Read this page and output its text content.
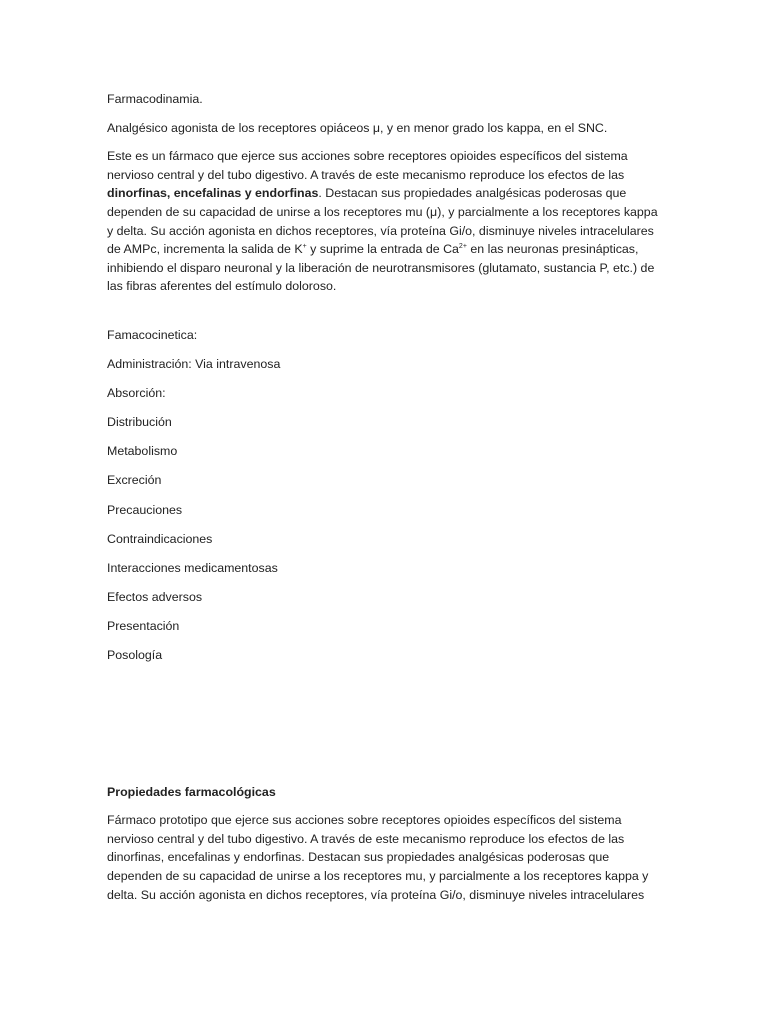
Farmacodinamia.

Analgésico agonista de los receptores opiáceos μ, y en menor grado los kappa, en el SNC.

Este es un fármaco que ejerce sus acciones sobre receptores opioides específicos del sistema nervioso central y del tubo digestivo. A través de este mecanismo reproduce los efectos de las dinorfinas, encefalinas y endorfinas. Destacan sus propiedades analgésicas poderosas que dependen de su capacidad de unirse a los receptores mu (μ), y parcialmente a los receptores kappa y delta. Su acción agonista en dichos receptores, vía proteína Gi/o, disminuye niveles intracelulares de AMPc, incrementa la salida de K+ y suprime la entrada de $Ca^{2+}$ en las neuronas presinápticas, inhibiendo el disparo neuronal y la liberación de neurotransmisores (glutamato, sustancia P, etc.) de las fibras aferentes del estímulo doloroso.

Famacocinetica:

Administración: Via intravenosa

Absorción:

Distribución

Metabolismo

Excreción

Precauciones

Contraindicaciones

Interacciones medicamentosas

Efectos adversos

Presentación

Posología

Propiedades farmacológicas

Fármaco prototipo que ejerce sus acciones sobre receptores opioides específicos del sistema nervioso central y del tubo digestivo. A través de este mecanismo reproduce los efectos de las dinorfinas, encefalinas y endorfinas. Destacan sus propiedades analgésicas poderosas que dependen de su capacidad de unirse a los receptores mu, y parcialmente a los receptores kappa y delta. Su acción agonista en dichos receptores, vía proteína Gi/o, disminuye niveles intracelulares
